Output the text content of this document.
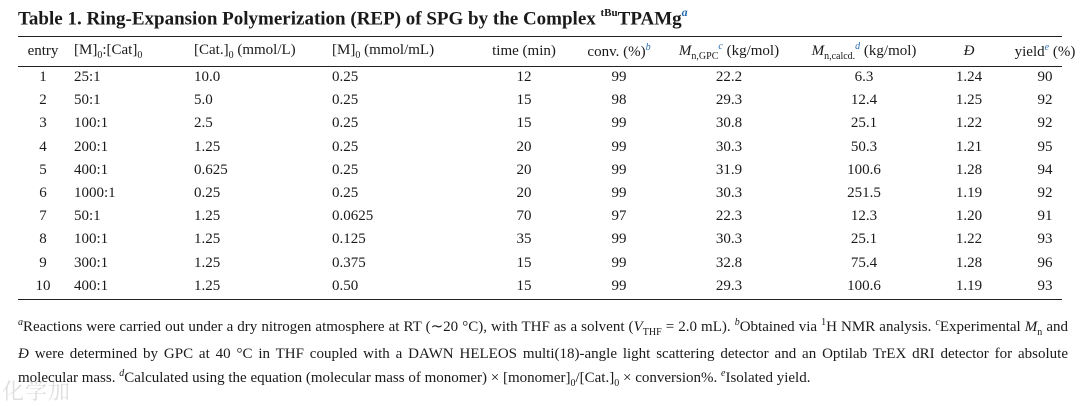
Table 1. Ring-Expansion Polymerization (REP) of SPG by the Complex $^{tBu}$TPAMg$^a$
entry	$[M]_0:[Cat]_0$	$[Cat.]_0$ (mmol/L)	$[M]_0$ (mmol/mL)	time (min)	conv. (%)$^b$	$M_{n,GPC}^c$ (kg/mol)	$M_{n,calcd.}^d$ (kg/mol)	Đ	yield$^e$ (%)
1	25:1	10.0	0.25	12	99	22.2	6.3	1.24	90
2	50:1	5.0	0.25	15	98	29.3	12.4	1.25	92
3	100:1	2.5	0.25	15	99	30.8	25.1	1.22	92
4	200:1	1.25	0.25	20	99	30.3	50.3	1.21	95
5	400:1	0.625	0.25	20	99	31.9	100.6	1.28	94
6	1000:1	0.25	0.25	20	99	30.3	251.5	1.19	92
7	50:1	1.25	0.0625	70	97	22.3	12.3	1.20	91
8	100:1	1.25	0.125	35	99	30.3	25.1	1.22	93
9	300:1	1.25	0.375	15	99	32.8	75.4	1.28	96
10	400:1	1.25	0.50	15	99	29.3	100.6	1.19	93

$^a$Reactions were carried out under a dry nitrogen atmosphere at RT (∼20 °C), with THF as a solvent ($V_{THF} = 2.0$ mL). $^b$Obtained via $^1$H NMR analysis. $^c$Experimental $M_n$ and Đ were determined by GPC at 40 °C in THF coupled with a DAWN HELEOS multi(18)-angle light scattering detector and an Optilab TrEX dRI detector for absolute molecular mass. $^d$Calculated using the equation (molecular mass of monomer) × $[monomer]_0/[Cat.]_0$ × conversion%. $^e$Isolated yield.

化学加
